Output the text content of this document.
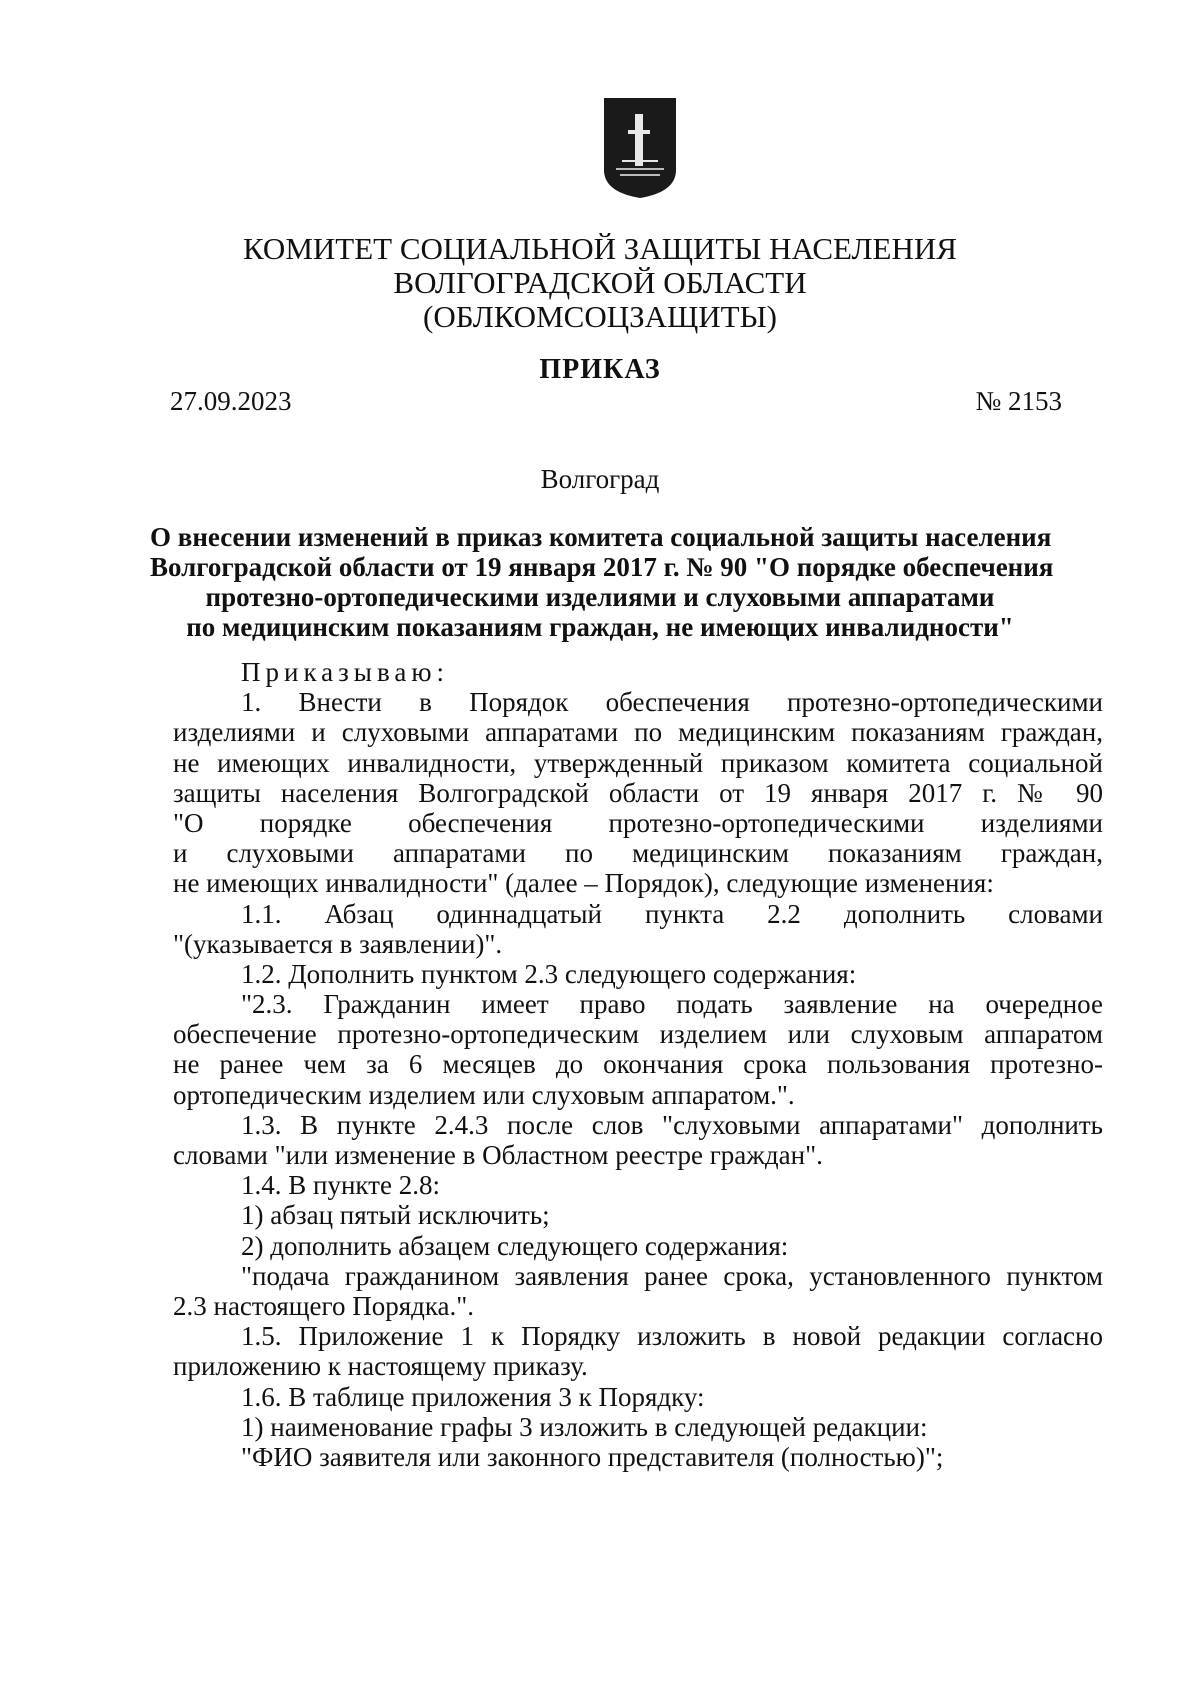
КОМИТЕТ СОЦИАЛЬНОЙ ЗАЩИТЫ НАСЕЛЕНИЯ
ВОЛГОГРАДСКОЙ ОБЛАСТИ
(ОБЛКОМСОЦЗАЩИТЫ)
ПРИКАЗ
27.09.2023	№ 2153
Волгоград
О внесении изменений в приказ комитета социальной защиты населения
Волгоградской области от 19 января 2017 г. № 90 "О порядке обеспечения
протезно-ортопедическими изделиями и слуховыми аппаратами
по медицинским показаниям граждан, не имеющих инвалидности"
Приказываю:
1. Внести в Порядок обеспечения протезно-ортопедическими
изделиями и слуховыми аппаратами по медицинским показаниям граждан,
не имеющих инвалидности, утвержденный приказом комитета социальной
защиты населения Волгоградской области от 19 января 2017 г. № 90
"О порядке обеспечения протезно-ортопедическими изделиями
и слуховыми аппаратами по медицинским показаниям граждан,
не имеющих инвалидности" (далее – Порядок), следующие изменения:
1.1. Абзац одиннадцатый пункта 2.2 дополнить словами
"(указывается в заявлении)".
1.2. Дополнить пунктом 2.3 следующего содержания:
"2.3. Гражданин имеет право подать заявление на очередное
обеспечение протезно-ортопедическим изделием или слуховым аппаратом
не ранее чем за 6 месяцев до окончания срока пользования протезно-
ортопедическим изделием или слуховым аппаратом.".
1.3. В пункте 2.4.3 после слов "слуховыми аппаратами" дополнить
словами "или изменение в Областном реестре граждан".
1.4. В пункте 2.8:
1) абзац пятый исключить;
2) дополнить абзацем следующего содержания:
"подача гражданином заявления ранее срока, установленного пунктом
2.3 настоящего Порядка.".
1.5. Приложение 1 к Порядку изложить в новой редакции согласно
приложению к настоящему приказу.
1.6. В таблице приложения 3 к Порядку:
1) наименование графы 3 изложить в следующей редакции:
"ФИО заявителя или законного представителя (полностью)";
